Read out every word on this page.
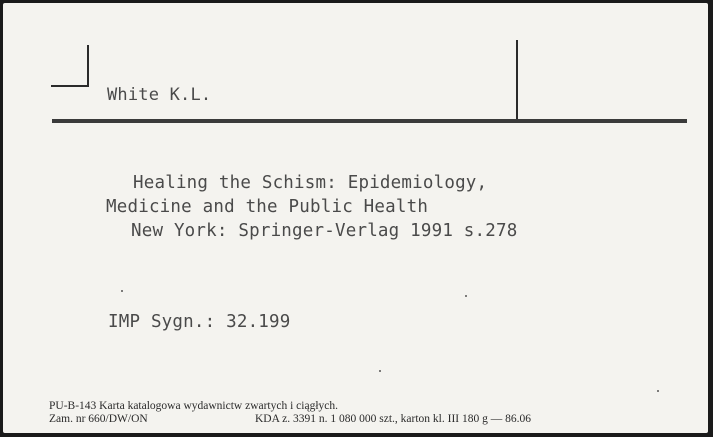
White K.L.
Healing the Schism: Epidemiology,
Medicine and the Public Health
New York: Springer-Verlag 1991 s.278
IMP Sygn.: 32.199
PU-B-143 Karta katalogowa wydawnictw zwartych i ciągłych.
Zam. nr 660/DW/ON	KDA z. 3391 n. 1 080 000 szt., karton kl. III 180 g — 86.06
